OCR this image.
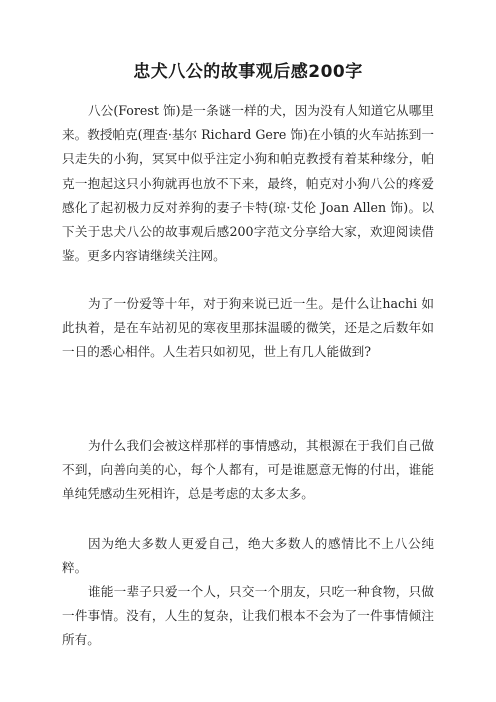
忠犬八公的故事观后感200字

八公(Forest 饰)是一条谜一样的犬，因为没有人知道它从哪里来。教授帕克(理查·基尔 Richard Gere 饰)在小镇的火车站拣到一只走失的小狗，冥冥中似乎注定小狗和帕克教授有着某种缘分，帕克一抱起这只小狗就再也放不下来，最终，帕克对小狗八公的疼爱感化了起初极力反对养狗的妻子卡特(琼·艾伦 Joan Allen 饰)。以下关于忠犬八公的故事观后感200字范文分享给大家，欢迎阅读借鉴。更多内容请继续关注网。

为了一份爱等十年，对于狗来说已近一生。是什么让hachi 如此执着，是在车站初见的寒夜里那抹温暖的微笑，还是之后数年如一日的悉心相伴。人生若只如初见，世上有几人能做到?

为什么我们会被这样那样的事情感动，其根源在于我们自己做不到，向善向美的心，每个人都有，可是谁愿意无悔的付出，谁能单纯凭感动生死相许，总是考虑的太多太多。

因为绝大多数人更爱自己，绝大多数人的感情比不上八公纯粹。

谁能一辈子只爱一个人，只交一个朋友，只吃一种食物，只做一件事情。没有，人生的复杂，让我们根本不会为了一件事情倾注所有。
